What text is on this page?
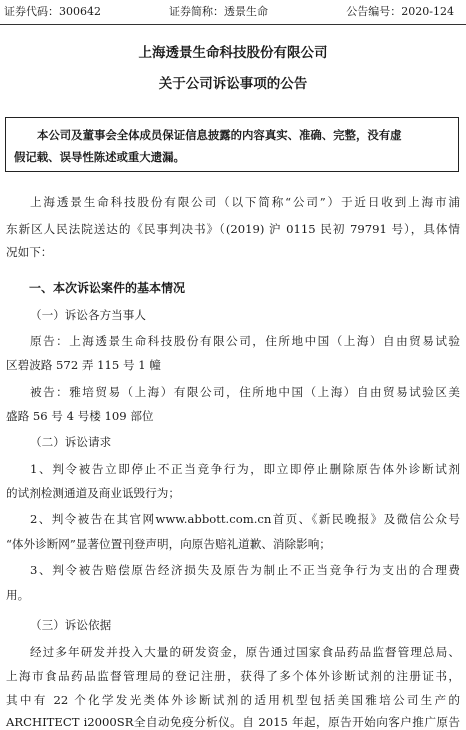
证券代码：300642	证券简称：透景生命	公告编号：2020-124
上海透景生命科技股份有限公司
关于公司诉讼事项的公告
本公司及董事会全体成员保证信息披露的内容真实、准确、完整，没有虚
假记载、误导性陈述或重大遗漏。
上海透景生命科技股份有限公司（以下简称“公司”）于近日收到上海市浦
东新区人民法院送达的《民事判决书》（(2019) 沪 0115 民初 79791 号），具体情
况如下：
一、本次诉讼案件的基本情况
（一）诉讼各方当事人
原告：上海透景生命科技股份有限公司，住所地中国（上海）自由贸易试验
区碧波路 572 弄 115 号 1 幢
被告：雅培贸易（上海）有限公司，住所地中国（上海）自由贸易试验区美
盛路 56 号 4 号楼 109 部位
（二）诉讼请求
1、判令被告立即停止不正当竞争行为，即立即停止删除原告体外诊断试剂
的试剂检测通道及商业诋毁行为；
2、判令被告在其官网www.abbott.com.cn首页、《新民晚报》及微信公众号
“体外诊断网”显著位置刊登声明，向原告赔礼道歉、消除影响；
3、判令被告赔偿原告经济损失及原告为制止不正当竞争行为支出的合理费
用。
（三）诉讼依据
经过多年研发并投入大量的研发资金，原告通过国家食品药品监督管理总局、
上海市食品药品监督管理局的登记注册，获得了多个体外诊断试剂的注册证书，
其中有 22 个化学发光类体外诊断试剂的适用机型包括美国雅培公司生产的
ARCHITECT i2000SR全自动免疫分析仪。自 2015 年起，原告开始向客户推广原告
